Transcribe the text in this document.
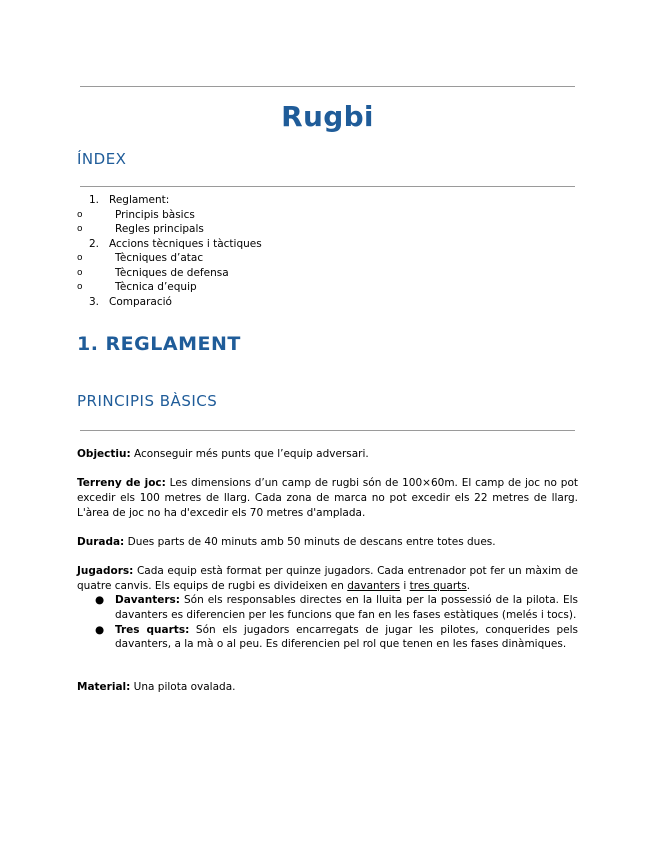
Rugbi
ÍNDEX
1. Reglament:
o	Principis bàsics
o	Regles principals
2. Accions tècniques i tàctiques
o	Tècniques d’atac
o	Tècniques de defensa
o	Tècnica d’equip
3. Comparació
1. REGLAMENT
PRINCIPIS BÀSICS
Objectiu: Aconseguir més punts que l’equip adversari.
Terreny de joc: Les dimensions d’un camp de rugbi són de 100×60m. El camp de joc no pot excedir els 100 metres de llarg. Cada zona de marca no pot excedir els 22 metres de llarg. L'àrea de joc no ha d'excedir els 70 metres d'amplada.
Durada: Dues parts de 40 minuts amb 50 minuts de descans entre totes dues.
Jugadors: Cada equip està format per quinze jugadors. Cada entrenador pot fer un màxim de quatre canvis. Els equips de rugbi es divideixen en davanters i tres quarts.
● Davanters: Són els responsables directes en la lluita per la possessió de la pilota. Els davanters es diferencien per les funcions que fan en les fases estàtiques (melés i tocs).
● Tres quarts: Són els jugadors encarregats de jugar les pilotes, conquerides pels davanters, a la mà o al peu. Es diferencien pel rol que tenen en les fases dinàmiques.
Material: Una pilota ovalada.
